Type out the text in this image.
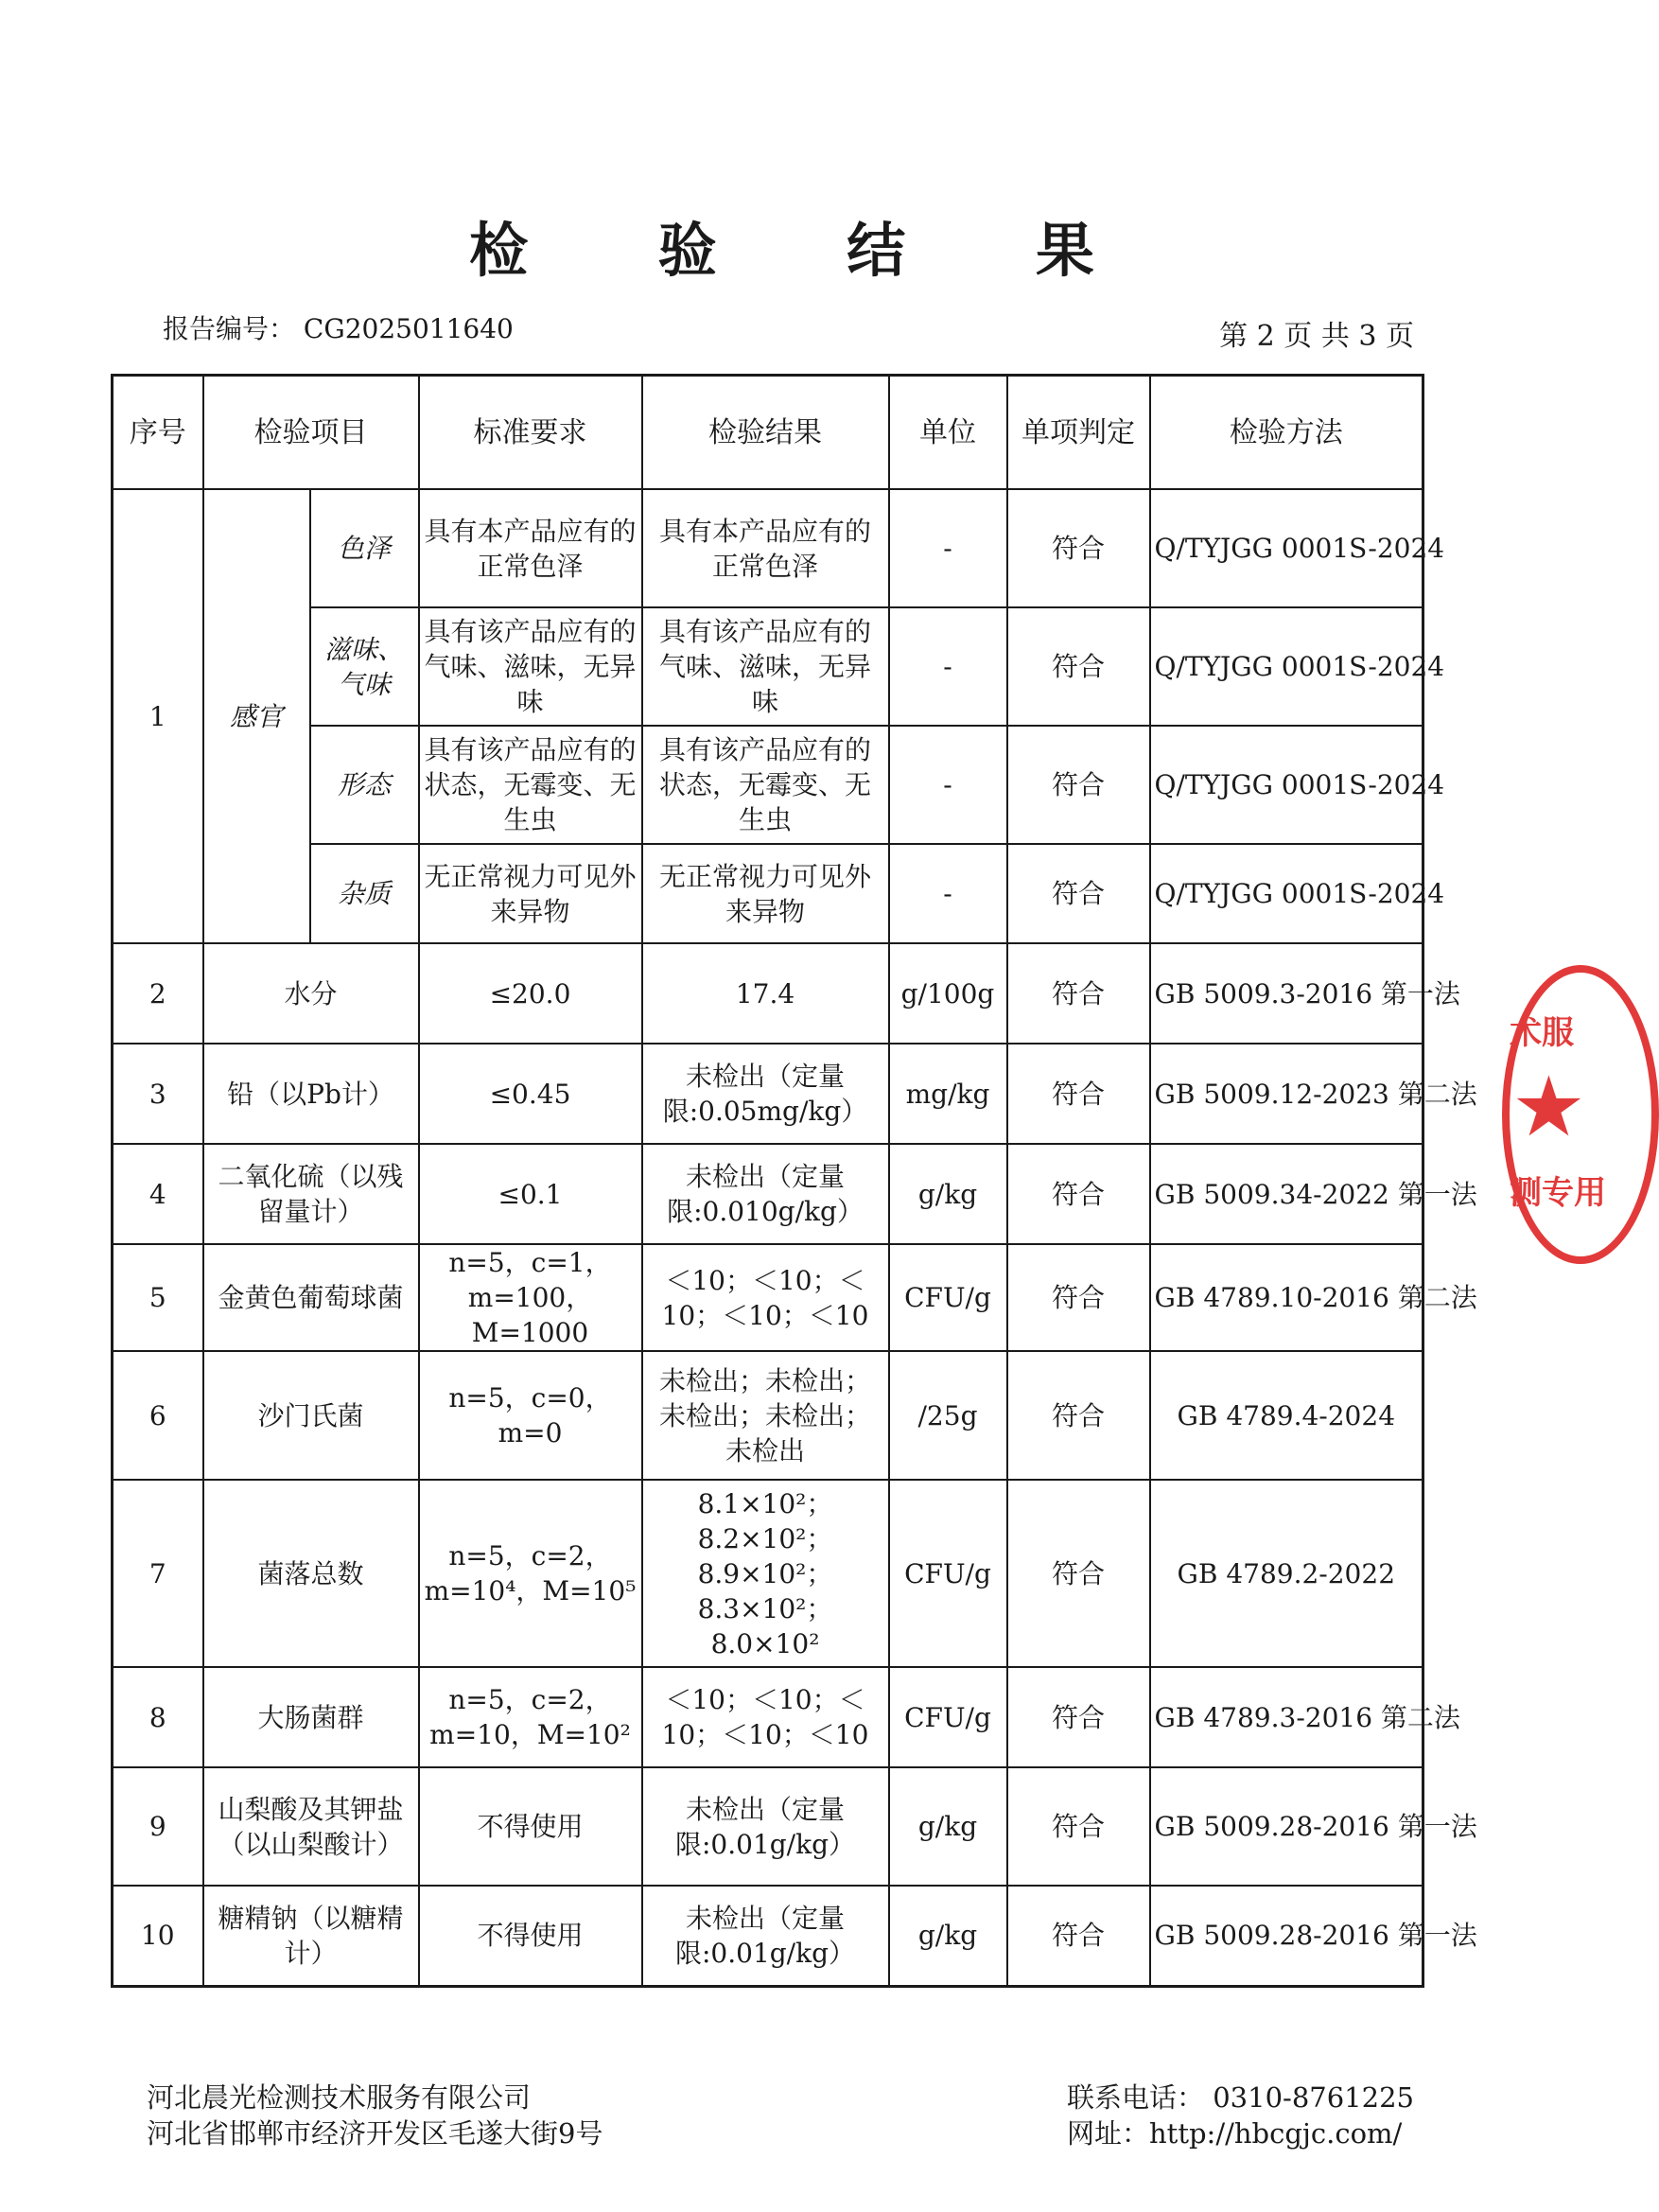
检 验 结 果
报告编号： CG2025011640	第 2 页 共 3 页
序号	检验项目		标准要求	检验结果	单位	单项判定	检验方法
1	感官	色泽	具有本产品应有的正常色泽	具有本产品应有的正常色泽	-	符合	Q/TYJGG 0001S-2024
		滋味、气味	具有该产品应有的气味、滋味，无异味	具有该产品应有的气味、滋味，无异味	-	符合	Q/TYJGG 0001S-2024
		形态	具有该产品应有的状态，无霉变、无生虫	具有该产品应有的状态，无霉变、无生虫	-	符合	Q/TYJGG 0001S-2024
		杂质	无正常视力可见外来异物	无正常视力可见外来异物	-	符合	Q/TYJGG 0001S-2024
2	水分		≤20.0	17.4	g/100g	符合	GB 5009.3-2016 第一法
3	铅（以Pb计）		≤0.45	未检出（定量限:0.05mg/kg）	mg/kg	符合	GB 5009.12-2023 第二法
4	二氧化硫（以残留量计）		≤0.1	未检出（定量限:0.010g/kg）	g/kg	符合	GB 5009.34-2022 第一法
5	金黄色葡萄球菌		n=5，c=1，m=100，M=1000	＜10；＜10；＜10；＜10；＜10	CFU/g	符合	GB 4789.10-2016 第二法
6	沙门氏菌		n=5，c=0，m=0	未检出；未检出；未检出；未检出；未检出	/25g	符合	GB 4789.4-2024
7	菌落总数		n=5，c=2，m=10⁴，M=10⁵	8.1×10²；8.2×10²；8.9×10²；8.3×10²；8.0×10²	CFU/g	符合	GB 4789.2-2022
8	大肠菌群		n=5，c=2，m=10，M=10²	＜10；＜10；＜10；＜10；＜10	CFU/g	符合	GB 4789.3-2016 第二法
9	山梨酸及其钾盐（以山梨酸计）		不得使用	未检出（定量限:0.01g/kg）	g/kg	符合	GB 5009.28-2016 第一法
10	糖精钠（以糖精计）		不得使用	未检出（定量限:0.01g/kg）	g/kg	符合	GB 5009.28-2016 第一法
河北晨光检测技术服务有限公司
河北省邯郸市经济开发区毛遂大街9号
联系电话： 0310-8761225
网址：http://hbcgjc.com/
术服
★
测专用
